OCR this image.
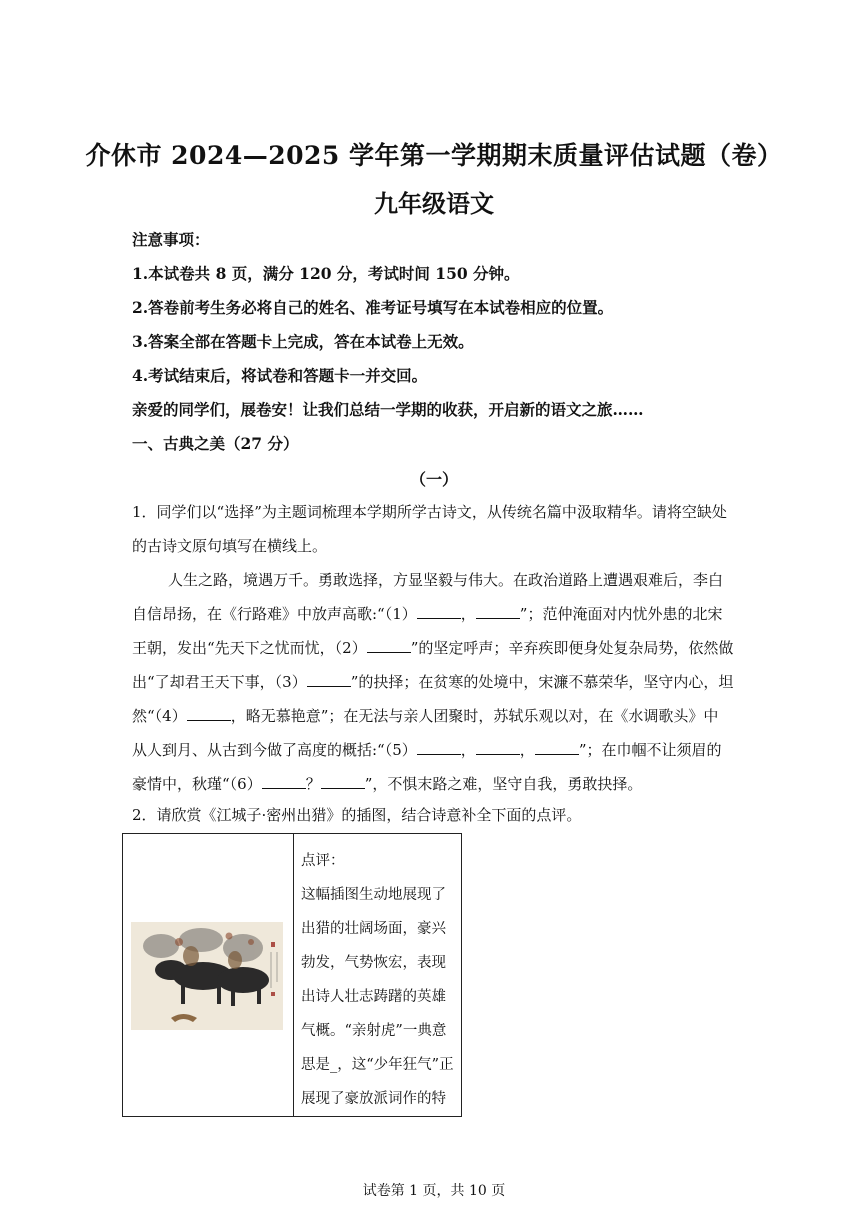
介休市 2024—2025 学年第一学期期末质量评估试题（卷）
九年级语文
注意事项：
1.本试卷共 8 页，满分 120 分，考试时间 150 分钟。
2.答卷前考生务必将自己的姓名、准考证号填写在本试卷相应的位置。
3.答案全部在答题卡上完成，答在本试卷上无效。
4.考试结束后，将试卷和答题卡一并交回。
亲爱的同学们，展卷安！让我们总结一学期的收获，开启新的语文之旅……
一、古典之美（27 分）
（一）

1．同学们以“选择”为主题词梳理本学期所学古诗文，从传统名篇中汲取精华。请将空缺处

的古诗文原句填写在横线上。

人生之路，境遇万千。勇敢选择，方显坚毅与伟大。在政治道路上遭遇艰难后，李白

自信昂扬，在《行路难》中放声高歌:“（1）	，	”；范仲淹面对内忧外患的北宋

王朝，发出“先天下之忧而忧，（2）	”的坚定呼声；辛弃疾即便身处复杂局势，依然做

出“了却君王天下事，（3）	”的抉择；在贫寒的处境中，宋濂不慕荣华，坚守内心，坦

然“（4）	，略无慕艳意”；在无法与亲人团聚时，苏轼乐观以对，在《水调歌头》中

从人到月、从古到今做了高度的概括:“（5）	，	，	”；在巾帼不让须眉的

豪情中，秋瑾“（6）	？	”，不惧末路之难，坚守自我，勇敢抉择。

2．请欣赏《江城子·密州出猎》的插图，结合诗意补全下面的点评。

点评：

这幅插图生动地展现了

出猎的壮阔场面，豪兴

勃发，气势恢宏，表现

出诗人壮志踌躇的英雄

气概。“亲射虎”一典意

思是_，这“少年狂气”正

展现了豪放派词作的特

试卷第 1 页，共 10 页
